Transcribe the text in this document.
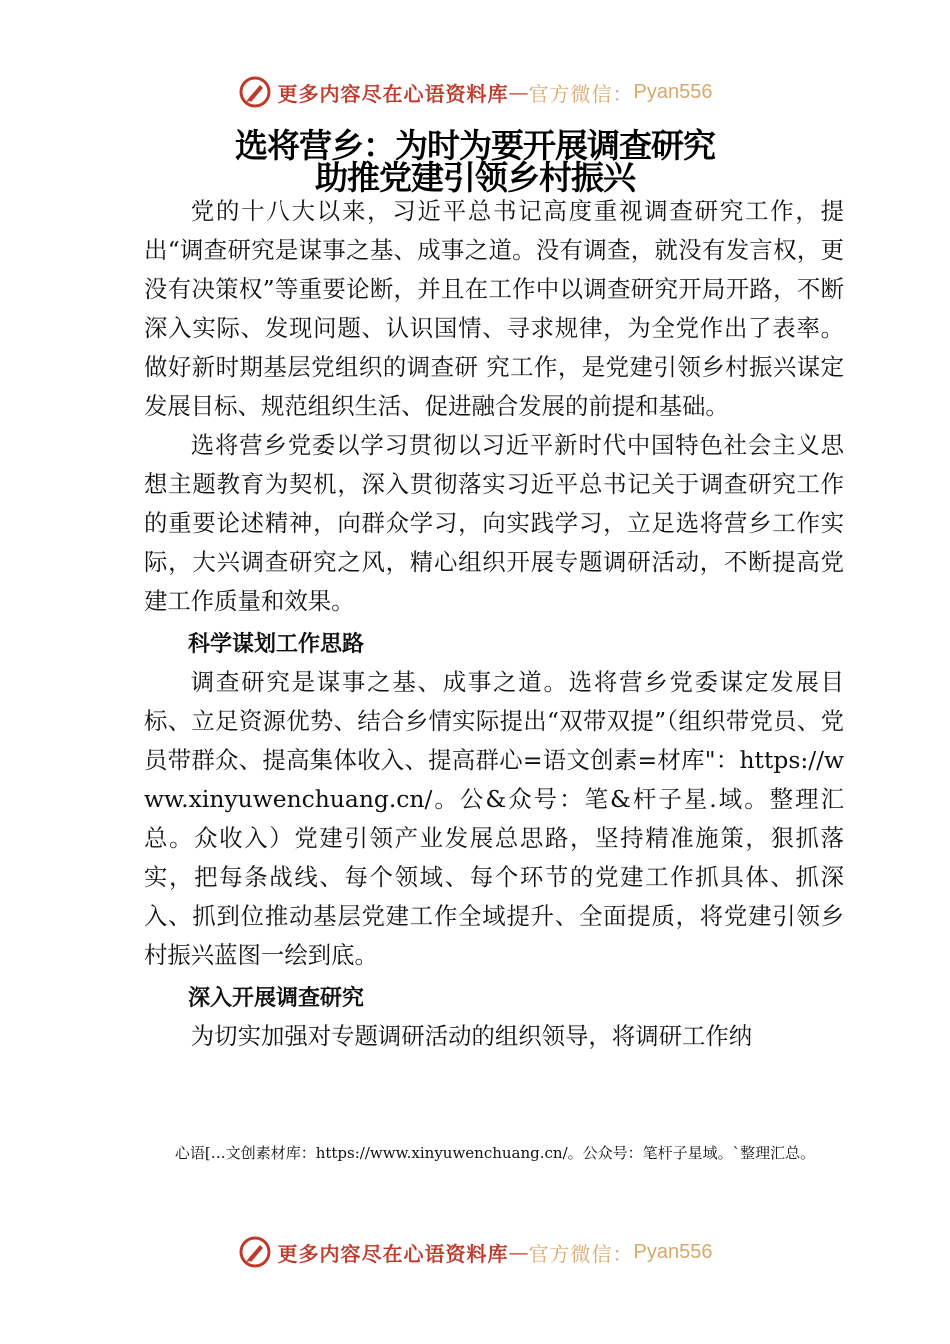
更多内容尽在心语资料库 — 官方微信： Pyan556
选将营乡：为时为要开展调查研究
助推党建引领乡村振兴

党的十八大以来，习近平总书记高度重视调查研究工作，提出“调查研究是谋事之基、成事之道。没有调查，就没有发言权，更没有决策权”等重要论断，并且在工作中以调查研究开局开路，不断深入实际、发现问题、认识国情、寻求规律，为全党作出了表率。做好新时期基层党组织的调查研 究工作，是党建引领乡村振兴谋定发展目标、规范组织生活、促进融合发展的前提和基础。

选将营乡党委以学习贯彻以习近平新时代中国特色社会主义思想主题教育为契机，深入贯彻落实习近平总书记关于调查研究工作的重要论述精神，向群众学习，向实践学习，立足选将营乡工作实际，大兴调查研究之风，精心组织开展专题调研活动，不断提高党建工作质量和效果。

科学谋划工作思路

调查研究是谋事之基、成事之道。选将营乡党委谋定发展目标、立足资源优势、结合乡情实际提出“双带双提”（组织带党员、党员带群众、提高集体收入、提高群心=语文创素=材库"：https://www.xinyuwenchuang.cn/。公&众号：笔&杆子星.域。整理汇总。众收入）党建引领产业发展总思路，坚持精准施策，狠抓落实，把每条战线、每个领域、每个环节的党建工作抓具体、抓深入、抓到位推动基层党建工作全域提升、全面提质，将党建引领乡村振兴蓝图一绘到底。

深入开展调查研究

为切实加强对专题调研活动的组织领导，将调研工作纳

心语[…文创素材库：https://www.xinyuwenchuang.cn/。公众号：笔杆子星域。`整理汇总。
更多内容尽在心语资料库 — 官方微信： Pyan556
